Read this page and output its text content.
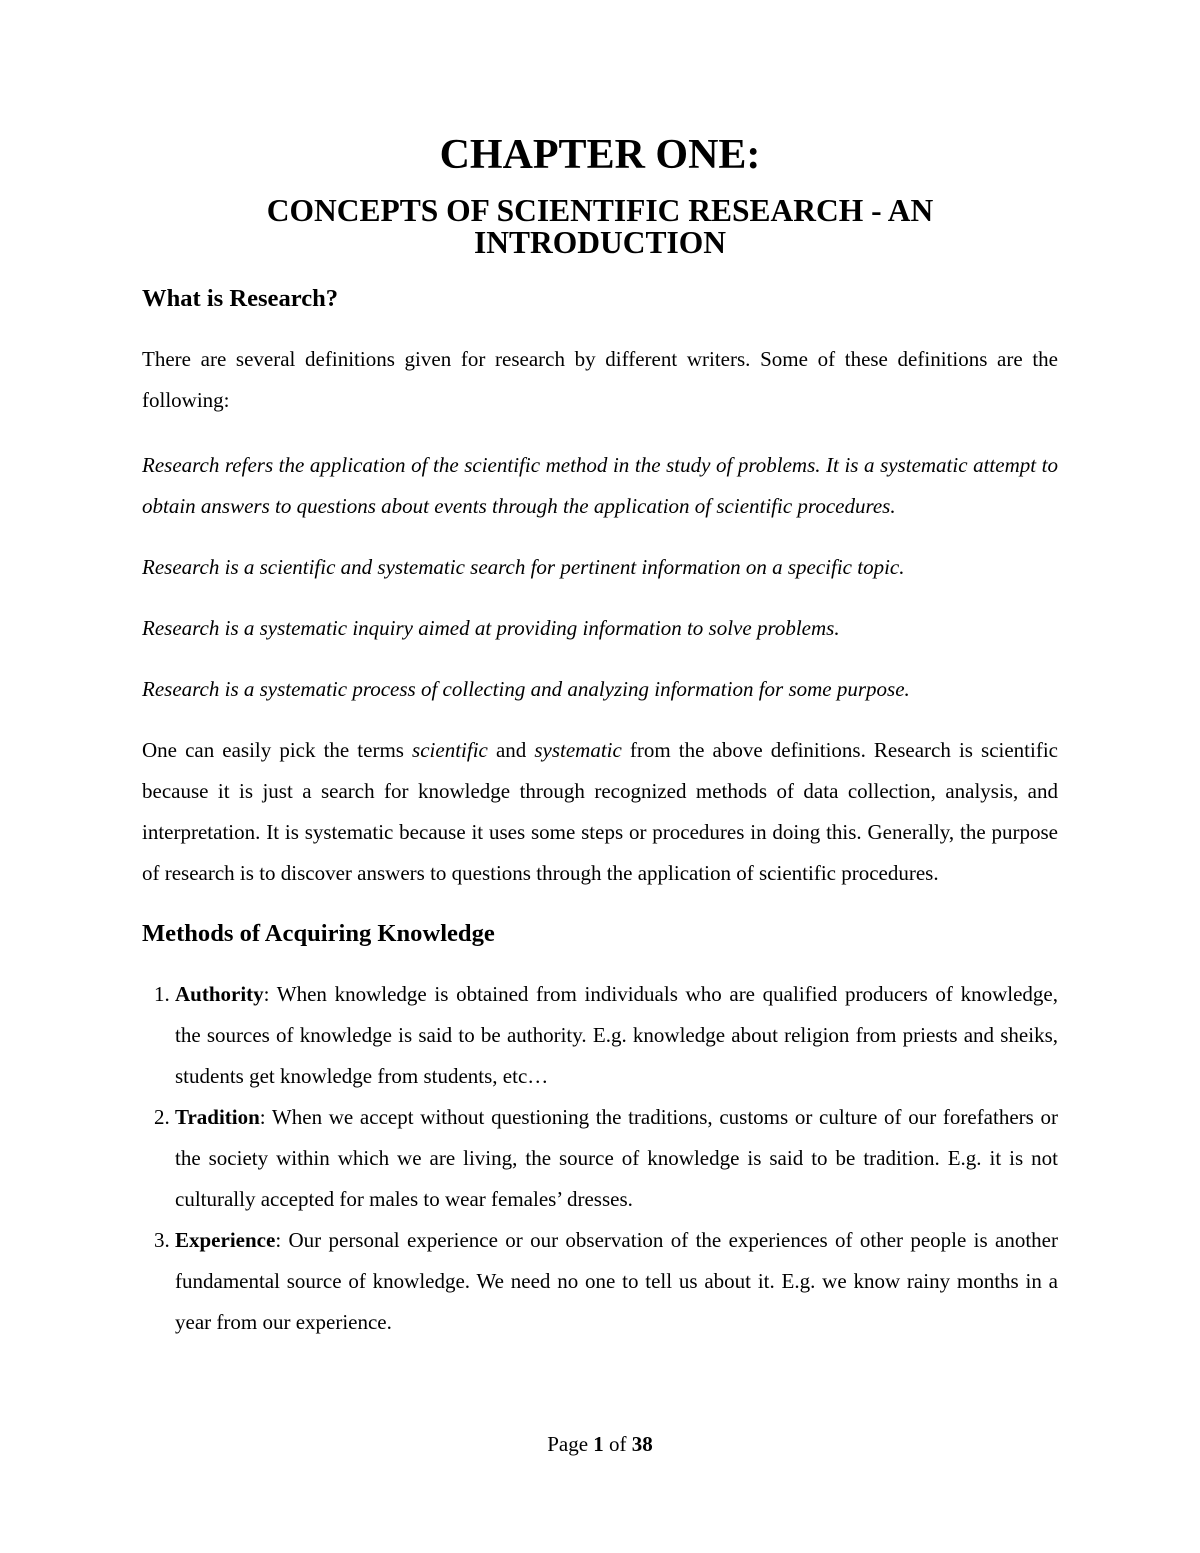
CHAPTER ONE:
CONCEPTS OF SCIENTIFIC RESEARCH - AN INTRODUCTION
What is Research?

There are several definitions given for research by different writers. Some of these definitions are the following:

Research refers the application of the scientific method in the study of problems. It is a systematic attempt to obtain answers to questions about events through the application of scientific procedures.

Research is a scientific and systematic search for pertinent information on a specific topic.

Research is a systematic inquiry aimed at providing information to solve problems.

Research is a systematic process of collecting and analyzing information for some purpose.

One can easily pick the terms scientific and systematic from the above definitions. Research is scientific because it is just a search for knowledge through recognized methods of data collection, analysis, and interpretation. It is systematic because it uses some steps or procedures in doing this. Generally, the purpose of research is to discover answers to questions through the application of scientific procedures.

Methods of Acquiring Knowledge
1. Authority: When knowledge is obtained from individuals who are qualified producers of knowledge, the sources of knowledge is said to be authority. E.g. knowledge about religion from priests and sheiks, students get knowledge from students, etc…
2. Tradition: When we accept without questioning the traditions, customs or culture of our forefathers or the society within which we are living, the source of knowledge is said to be tradition. E.g. it is not culturally accepted for males to wear females’ dresses.
3. Experience: Our personal experience or our observation of the experiences of other people is another fundamental source of knowledge. We need no one to tell us about it. E.g. we know rainy months in a year from our experience.
Page 1 of 38
